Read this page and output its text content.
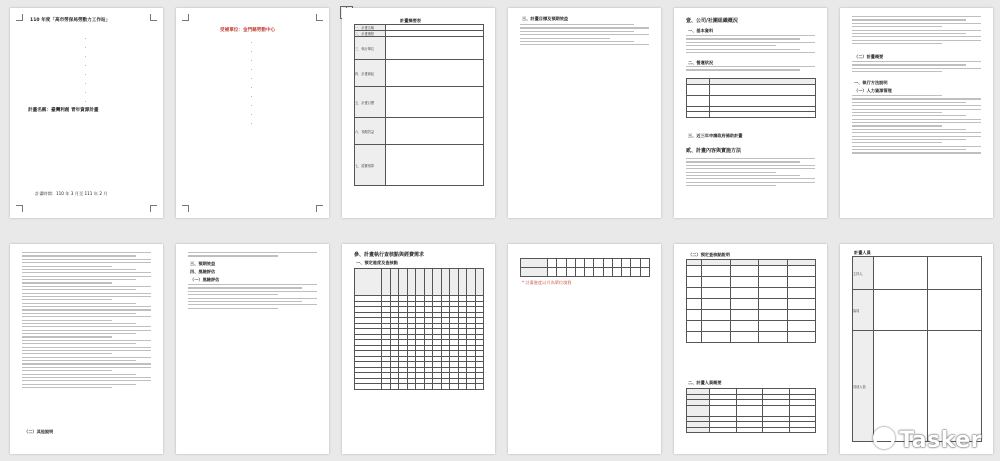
110 年度「高市勞保局勞動力工作站」
計畫名稱：臺灣利創 青年資源計畫
計畫時間：110 年 3 月至 111 年 2 月
受補單位：金門縣勞動中心
計畫摘要表
一、計畫名稱	
二、計畫期程	
三、執行單位	
四、計畫緣起	
五、計畫目標	
六、預期效益	
七、經費預算	
三、計畫目標及預期效益	壹、公司/社團組織概況
一、基本資料
二、營運狀況

三、近三年申請政府補助計畫
貳、計畫內容與實施方法
（二）計畫概要
一、執行方法說明
（一）人力資源管理
（二）其他說明
三、預期效益
四、風險評估
（一）風險評估
參、計畫執行查核點與經費需求
一、預定進度及查核點

* 計畫進度以月為單位填寫
（二）預定查核點說明

二、計畫人員概要

計畫人員
主持人		
協同		
其他人員		
Tasker
